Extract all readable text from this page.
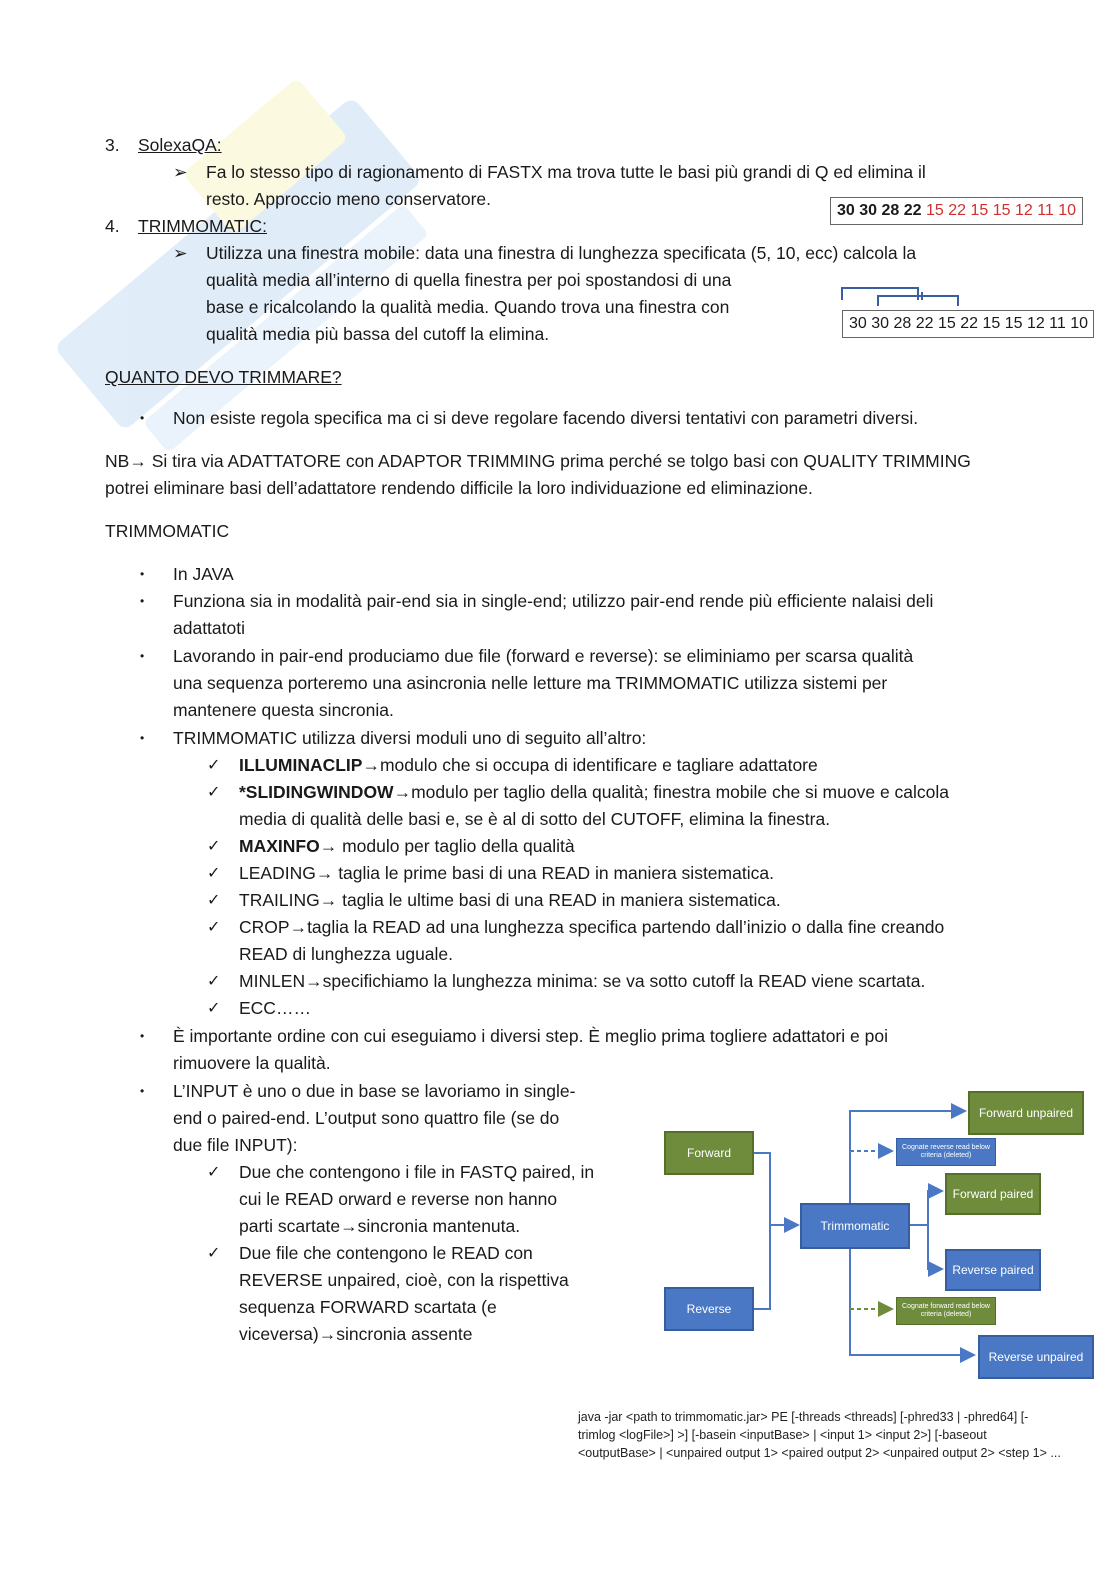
3. SolexaQA:
➢ Fa lo stesso tipo di ragionamento di FASTX ma trova tutte le basi più grandi di Q ed elimina il
resto. Approccio meno conservatore.
30 30 28 22 15 22 15 15 12 11 10
4. TRIMMOMATIC:
➢ Utilizza una finestra mobile: data una finestra di lunghezza specificata (5, 10, ecc) calcola la
qualità media all’interno di quella finestra per poi spostandosi di una
base e ricalcolando la qualità media. Quando trova una finestra con
qualità media più bassa del cutoff la elimina.
30 30 28 22 15 22 15 15 12 11 10
QUANTO DEVO TRIMMARE?
• Non esiste regola specifica ma ci si deve regolare facendo diversi tentativi con parametri diversi.
NB→ Si tira via ADATTATORE con ADAPTOR TRIMMING prima perché se tolgo basi con QUALITY TRIMMING
potrei eliminare basi dell’adattatore rendendo difficile la loro individuazione ed eliminazione.
TRIMMOMATIC
• In JAVA
• Funziona sia in modalità pair-end sia in single-end; utilizzo pair-end rende più efficiente nalaisi deli
adattatoti
• Lavorando in pair-end produciamo due file (forward e reverse): se eliminiamo per scarsa qualità
una sequenza porteremo una asincronia nelle letture ma TRIMMOMATIC utilizza sistemi per
mantenere questa sincronia.
• TRIMMOMATIC utilizza diversi moduli uno di seguito all’altro:
✓ ILLUMINACLIP→modulo che si occupa di identificare e tagliare adattatore
✓ *SLIDINGWINDOW→modulo per taglio della qualità; finestra mobile che si muove e calcola
media di qualità delle basi e, se è al di sotto del CUTOFF, elimina la finestra.
✓ MAXINFO→ modulo per taglio della qualità
✓ LEADING→ taglia le prime basi di una READ in maniera sistematica.
✓ TRAILING→ taglia le ultime basi di una READ in maniera sistematica.
✓ CROP→taglia la READ ad una lunghezza specifica partendo dall’inizio o dalla fine creando
READ di lunghezza uguale.
✓ MINLEN→specifichiamo la lunghezza minima: se va sotto cutoff la READ viene scartata.
✓ ECC……
• È importante ordine con cui eseguiamo i diversi step. È meglio prima togliere adattatori e poi
rimuovere la qualità.
• L’INPUT è uno o due in base se lavoriamo in single-
end o paired-end. L’output sono quattro file (se do
due file INPUT):
✓ Due che contengono i file in FASTQ paired, in
cui le READ orward e reverse non hanno
parti scartate→sincronia mantenuta.
✓ Due file che contengono le READ con
REVERSE unpaired, cioè, con la rispettiva
sequenza FORWARD scartata (e
viceversa)→sincronia assente
Forward
Reverse
Trimmomatic
Forward unpaired
Cognate reverse read below criteria (deleted)
Forward paired
Reverse paired
Cognate forward read below criteria (deleted)
Reverse unpaired
java -jar <path to trimmomatic.jar> PE [-threads <threads] [-phred33 | -phred64] [-
trimlog <logFile>] >] [-basein <inputBase> | <input 1> <input 2>] [-baseout
<outputBase> | <unpaired output 1> <paired output 2> <unpaired output 2> <step 1> ...
